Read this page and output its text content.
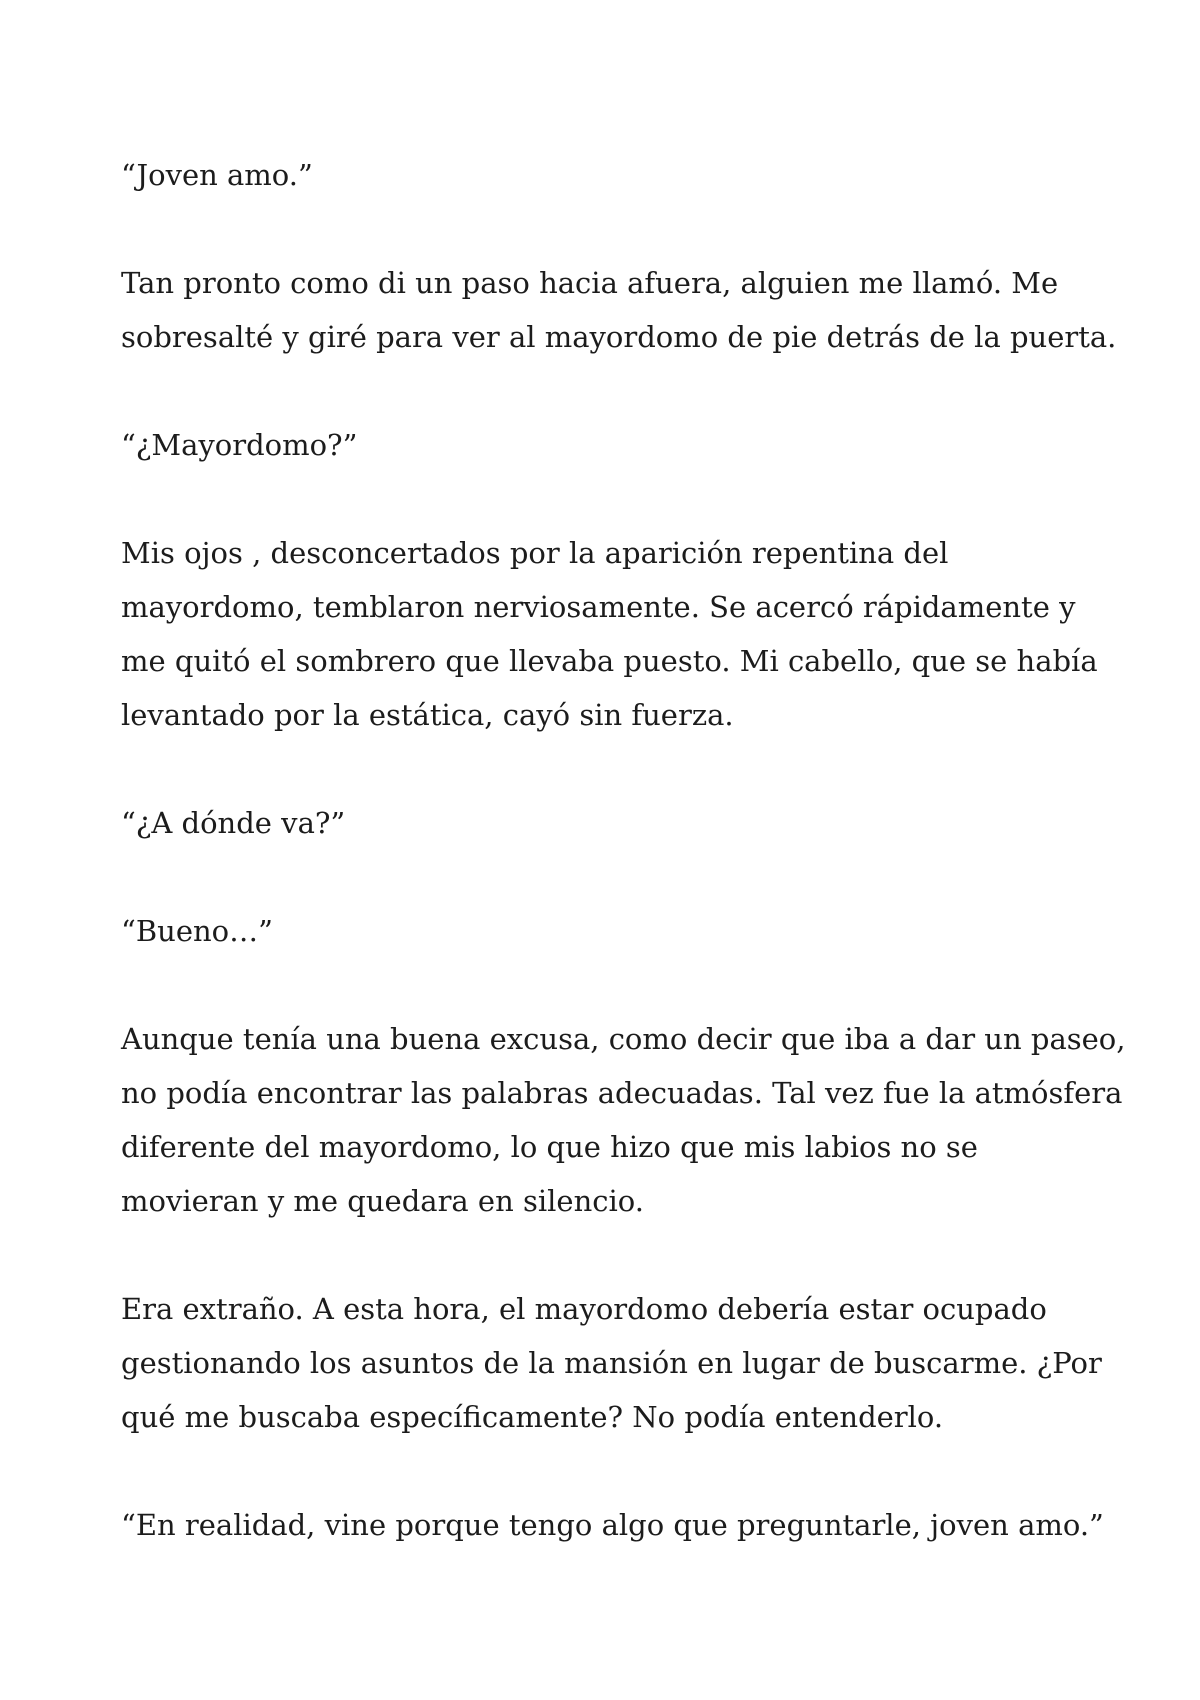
“Joven amo.”

Tan pronto como di un paso hacia afuera, alguien me llamó. Me
sobresalté y giré para ver al mayordomo de pie detrás de la puerta.

“¿Mayordomo?”

Mis ojos , desconcertados por la aparición repentina del
mayordomo, temblaron nerviosamente. Se acercó rápidamente y
me quitó el sombrero que llevaba puesto. Mi cabello, que se había
levantado por la estática, cayó sin fuerza.

“¿A dónde va?”

“Bueno…”

Aunque tenía una buena excusa, como decir que iba a dar un paseo,
no podía encontrar las palabras adecuadas. Tal vez fue la atmósfera
diferente del mayordomo, lo que hizo que mis labios no se
movieran y me quedara en silencio.

Era extraño. A esta hora, el mayordomo debería estar ocupado
gestionando los asuntos de la mansión en lugar de buscarme. ¿Por
qué me buscaba específicamente? No podía entenderlo.

“En realidad, vine porque tengo algo que preguntarle, joven amo.”
